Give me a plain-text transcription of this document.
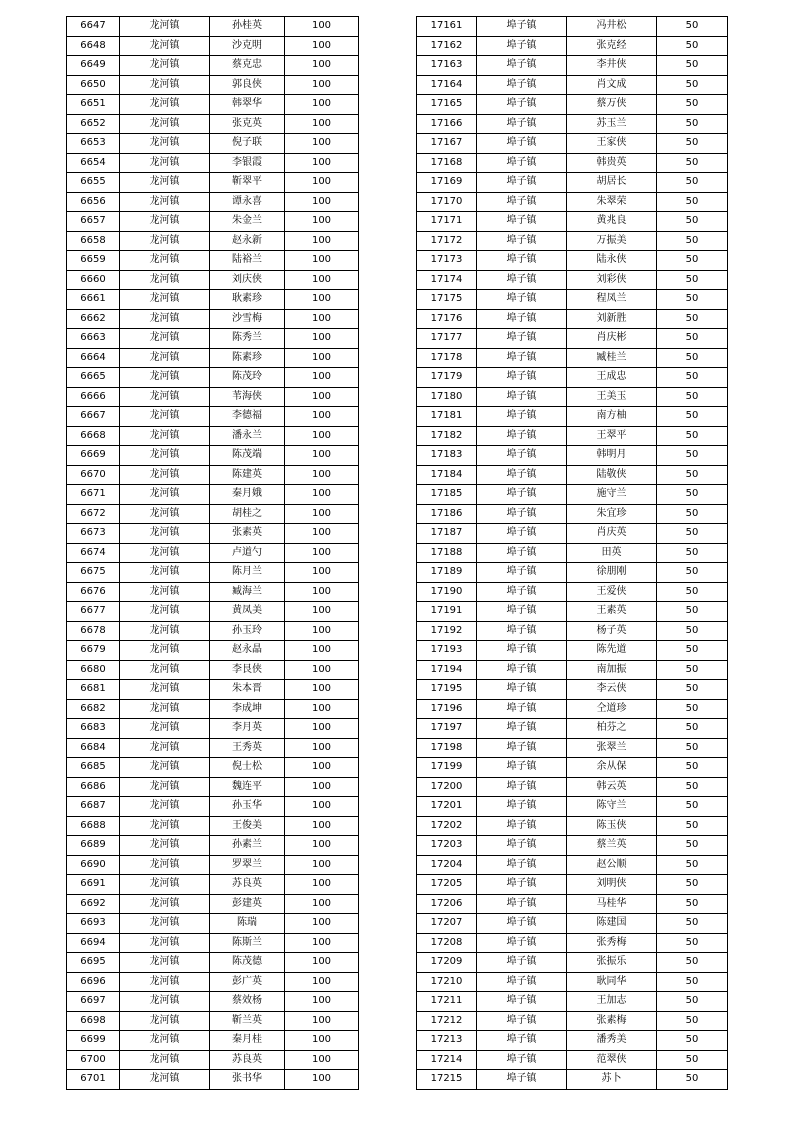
6647	龙河镇	孙桂英	100
6648	龙河镇	沙克明	100
6649	龙河镇	蔡克忠	100
6650	龙河镇	郭良侠	100
6651	龙河镇	韩翠华	100
6652	龙河镇	张克英	100
6653	龙河镇	倪子联	100
6654	龙河镇	李银霞	100
6655	龙河镇	靳翠平	100
6656	龙河镇	谭永喜	100
6657	龙河镇	朱金兰	100
6658	龙河镇	赵永新	100
6659	龙河镇	陆裕兰	100
6660	龙河镇	刘庆侠	100
6661	龙河镇	耿素珍	100
6662	龙河镇	沙雪梅	100
6663	龙河镇	陈秀兰	100
6664	龙河镇	陈素珍	100
6665	龙河镇	陈茂玲	100
6666	龙河镇	苇海侠	100
6667	龙河镇	李德福	100
6668	龙河镇	潘永兰	100
6669	龙河镇	陈茂端	100
6670	龙河镇	陈建英	100
6671	龙河镇	秦月娥	100
6672	龙河镇	胡桂之	100
6673	龙河镇	张素英	100
6674	龙河镇	卢道勺	100
6675	龙河镇	陈月兰	100
6676	龙河镇	臧海兰	100
6677	龙河镇	黄凤美	100
6678	龙河镇	孙玉玲	100
6679	龙河镇	赵永晶	100
6680	龙河镇	李艮侠	100
6681	龙河镇	朱本晋	100
6682	龙河镇	李成坤	100
6683	龙河镇	李月英	100
6684	龙河镇	王秀英	100
6685	龙河镇	倪士松	100
6686	龙河镇	魏连平	100
6687	龙河镇	孙玉华	100
6688	龙河镇	王俊美	100
6689	龙河镇	孙素兰	100
6690	龙河镇	罗翠兰	100
6691	龙河镇	苏良英	100
6692	龙河镇	彭建英	100
6693	龙河镇	陈瑞	100
6694	龙河镇	陈斯兰	100
6695	龙河镇	陈茂德	100
6696	龙河镇	彭广英	100
6697	龙河镇	蔡效杨	100
6698	龙河镇	靳兰英	100
6699	龙河镇	秦月桂	100
6700	龙河镇	苏良英	100
6701	龙河镇	张书华	100
17161	埠子镇	冯井松	50
17162	埠子镇	张克经	50
17163	埠子镇	李井侠	50
17164	埠子镇	肖文成	50
17165	埠子镇	蔡万侠	50
17166	埠子镇	苏玉兰	50
17167	埠子镇	王家侠	50
17168	埠子镇	韩贵英	50
17169	埠子镇	胡居长	50
17170	埠子镇	朱翠荣	50
17171	埠子镇	黄兆良	50
17172	埠子镇	万振美	50
17173	埠子镇	陆永侠	50
17174	埠子镇	刘彩侠	50
17175	埠子镇	程凤兰	50
17176	埠子镇	刘新胜	50
17177	埠子镇	肖庆彬	50
17178	埠子镇	臧桂兰	50
17179	埠子镇	王成忠	50
17180	埠子镇	王美玉	50
17181	埠子镇	南方柚	50
17182	埠子镇	王翠平	50
17183	埠子镇	韩明月	50
17184	埠子镇	陆敬侠	50
17185	埠子镇	施守兰	50
17186	埠子镇	朱宜珍	50
17187	埠子镇	肖庆英	50
17188	埠子镇	田英	50
17189	埠子镇	徐朋刚	50
17190	埠子镇	王爱侠	50
17191	埠子镇	王素英	50
17192	埠子镇	杨子英	50
17193	埠子镇	陈先道	50
17194	埠子镇	南加振	50
17195	埠子镇	李云侠	50
17196	埠子镇	仝道珍	50
17197	埠子镇	柏芬之	50
17198	埠子镇	张翠兰	50
17199	埠子镇	余从保	50
17200	埠子镇	韩云英	50
17201	埠子镇	陈守兰	50
17202	埠子镇	陈玉侠	50
17203	埠子镇	蔡兰英	50
17204	埠子镇	赵公顺	50
17205	埠子镇	刘明侠	50
17206	埠子镇	马桂华	50
17207	埠子镇	陈建国	50
17208	埠子镇	张秀梅	50
17209	埠子镇	张振乐	50
17210	埠子镇	耿同华	50
17211	埠子镇	王加志	50
17212	埠子镇	张素梅	50
17213	埠子镇	潘秀美	50
17214	埠子镇	范翠侠	50
17215	埠子镇	苏卜	50
